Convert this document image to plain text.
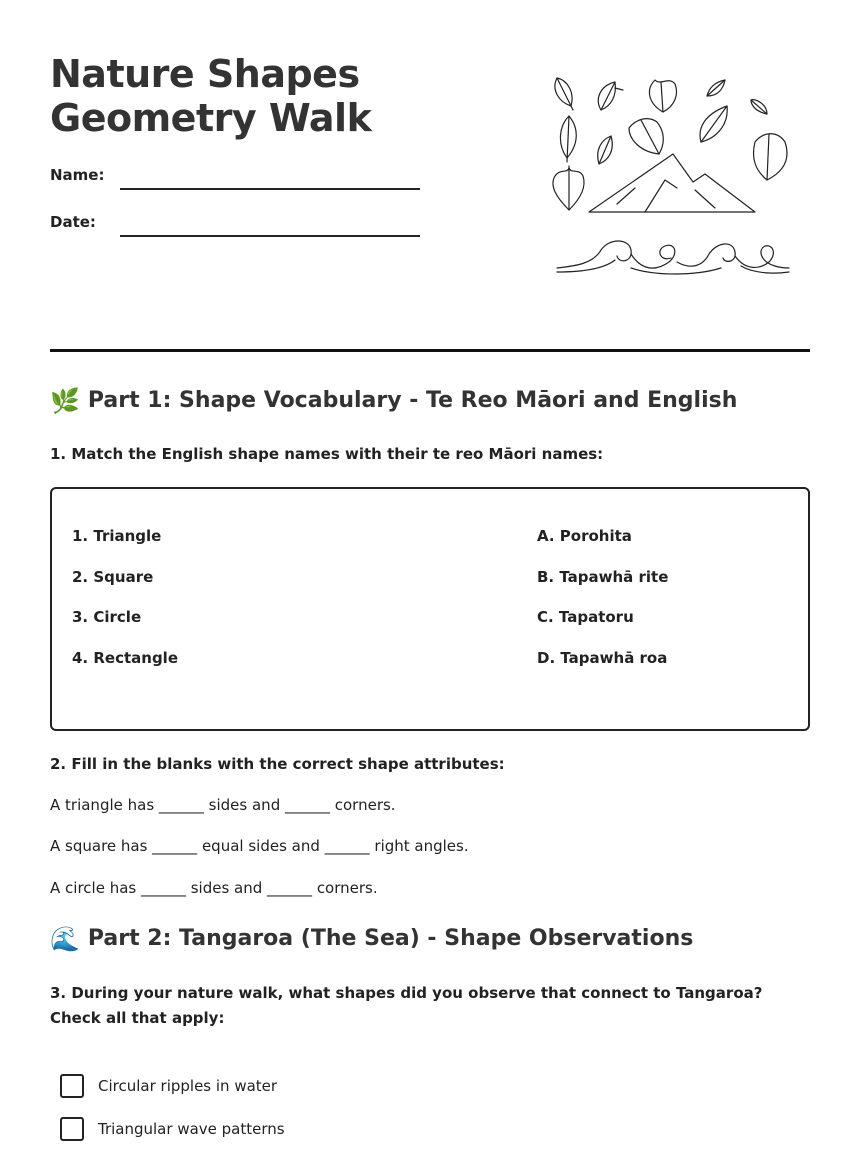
Nature Shapes
Geometry Walk
Name:
Date:
🌿 Part 1: Shape Vocabulary - Te Reo Māori and English
1. Match the English shape names with their te reo Māori names:
1. Triangle
2. Square
3. Circle
4. Rectangle
A. Porohita
B. Tapawhā rite
C. Tapatoru
D. Tapawhā roa
2. Fill in the blanks with the correct shape attributes:
A triangle has ______ sides and ______ corners.
A square has ______ equal sides and ______ right angles.
A circle has ______ sides and ______ corners.
🌊 Part 2: Tangaroa (The Sea) - Shape Observations
3. During your nature walk, what shapes did you observe that connect to Tangaroa? Check all that apply:
Circular ripples in water
Triangular wave patterns
